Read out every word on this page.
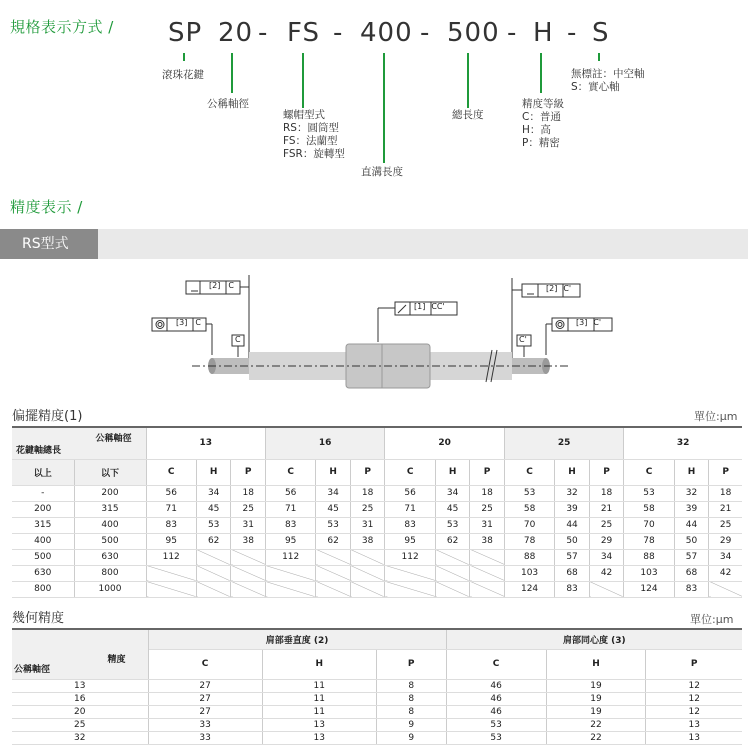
規格表示方式 / SP 20 - FS - 400 - 500 - H - S
滾珠花鍵
公稱軸徑
螺帽型式
RS：圓筒型
FS：法蘭型
FSR：旋轉型
直溝長度
總長度
精度等級
C：普通
H：高
P：精密
無標註：中空軸
S：實心軸
精度表示 /
RS型式
[2] C
[3] C
C
[1] CC'
[2] C'
[3] C'
C'
偏擺精度(1)	單位:μm
公稱軸徑
花鍵軸總長		13			16			20			25			32		
以上	以下	C	H	P	C	H	P	C	H	P	C	H	P	C	H	P
-	200	56	34	18	56	34	18	56	34	18	53	32	18	53	32	18
200	315	71	45	25	71	45	25	71	45	25	58	39	21	58	39	21
315	400	83	53	31	83	53	31	83	53	31	70	44	25	70	44	25
400	500	95	62	38	95	62	38	95	62	38	78	50	29	78	50	29
500	630	112			112			112			88	57	34	88	57	34
630	800										103	68	42	103	68	42
800	1000										124	83		124	83	
幾何精度	單位:μm
精度
公稱軸徑	肩部垂直度 (2)			肩部同心度 (3)		
	C	H	P	C	H	P
13	27	11	8	46	19	12
16	27	11	8	46	19	12
20	27	11	8	46	19	12
25	33	13	9	53	22	13
32	33	13	9	53	22	13
